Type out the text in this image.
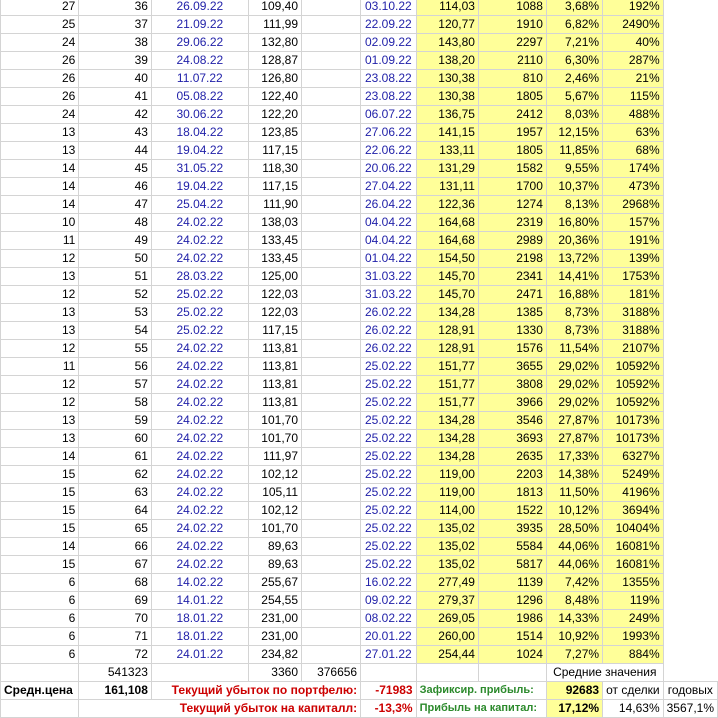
27	36	26.09.22	109,40		03.10.22	114,03	1088	3,68%	192%	
25	37	21.09.22	111,99		22.09.22	120,77	1910	6,82%	2490%	
24	38	29.06.22	132,80		02.09.22	143,80	2297	7,21%	40%	
26	39	24.08.22	128,87		01.09.22	138,20	2110	6,30%	287%	
26	40	11.07.22	126,80		23.08.22	130,38	810	2,46%	21%	
26	41	05.08.22	122,40		23.08.22	130,38	1805	5,67%	115%	
24	42	30.06.22	122,20		06.07.22	136,75	2412	8,03%	488%	
13	43	18.04.22	123,85		27.06.22	141,15	1957	12,15%	63%	
13	44	19.04.22	117,15		22.06.22	133,11	1805	11,85%	68%	
14	45	31.05.22	118,30		20.06.22	131,29	1582	9,55%	174%	
14	46	19.04.22	117,15		27.04.22	131,11	1700	10,37%	473%	
14	47	25.04.22	111,90		26.04.22	122,36	1274	8,13%	2968%	
10	48	24.02.22	138,03		04.04.22	164,68	2319	16,80%	157%	
11	49	24.02.22	133,45		04.04.22	164,68	2989	20,36%	191%	
12	50	24.02.22	133,45		01.04.22	154,50	2198	13,72%	139%	
13	51	28.03.22	125,00		31.03.22	145,70	2341	14,41%	1753%	
12	52	25.02.22	122,03		31.03.22	145,70	2471	16,88%	181%	
13	53	25.02.22	122,03		26.02.22	134,28	1385	8,73%	3188%	
13	54	25.02.22	117,15		26.02.22	128,91	1330	8,73%	3188%	
12	55	24.02.22	113,81		26.02.22	128,91	1576	11,54%	2107%	
11	56	24.02.22	113,81		25.02.22	151,77	3655	29,02%	10592%	
12	57	24.02.22	113,81		25.02.22	151,77	3808	29,02%	10592%	
12	58	24.02.22	113,81		25.02.22	151,77	3966	29,02%	10592%	
13	59	24.02.22	101,70		25.02.22	134,28	3546	27,87%	10173%	
13	60	24.02.22	101,70		25.02.22	134,28	3693	27,87%	10173%	
14	61	24.02.22	111,97		25.02.22	134,28	2635	17,33%	6327%	
15	62	24.02.22	102,12		25.02.22	119,00	2203	14,38%	5249%	
15	63	24.02.22	105,11		25.02.22	119,00	1813	11,50%	4196%	
15	64	24.02.22	102,12		25.02.22	114,00	1522	10,12%	3694%	
15	65	24.02.22	101,70		25.02.22	135,02	3935	28,50%	10404%	
14	66	24.02.22	89,63		25.02.22	135,02	5584	44,06%	16081%	
15	67	24.02.22	89,63		25.02.22	135,02	5817	44,06%	16081%	
6	68	14.02.22	255,67		16.02.22	277,49	1139	7,42%	1355%	
6	69	14.01.22	254,55		09.02.22	279,37	1296	8,48%	119%	
6	70	18.01.22	231,00		08.02.22	269,05	1986	14,33%	249%	
6	71	18.01.22	231,00		20.01.22	260,00	1514	10,92%	1993%	
6	72	24.01.22	234,82		27.01.22	254,44	1024	7,27%	884%	
	541323		3360	376656				Средние значения		
Средн.цена	161,108	Текущий убыток по портфелю:			-71983	Зафиксир. прибыль:		92683	от сделки	годовых
	Текущий убыток на капиталл:				-13,3%	Прибыль на капитал:		17,12%	14,63%	3567,1%
